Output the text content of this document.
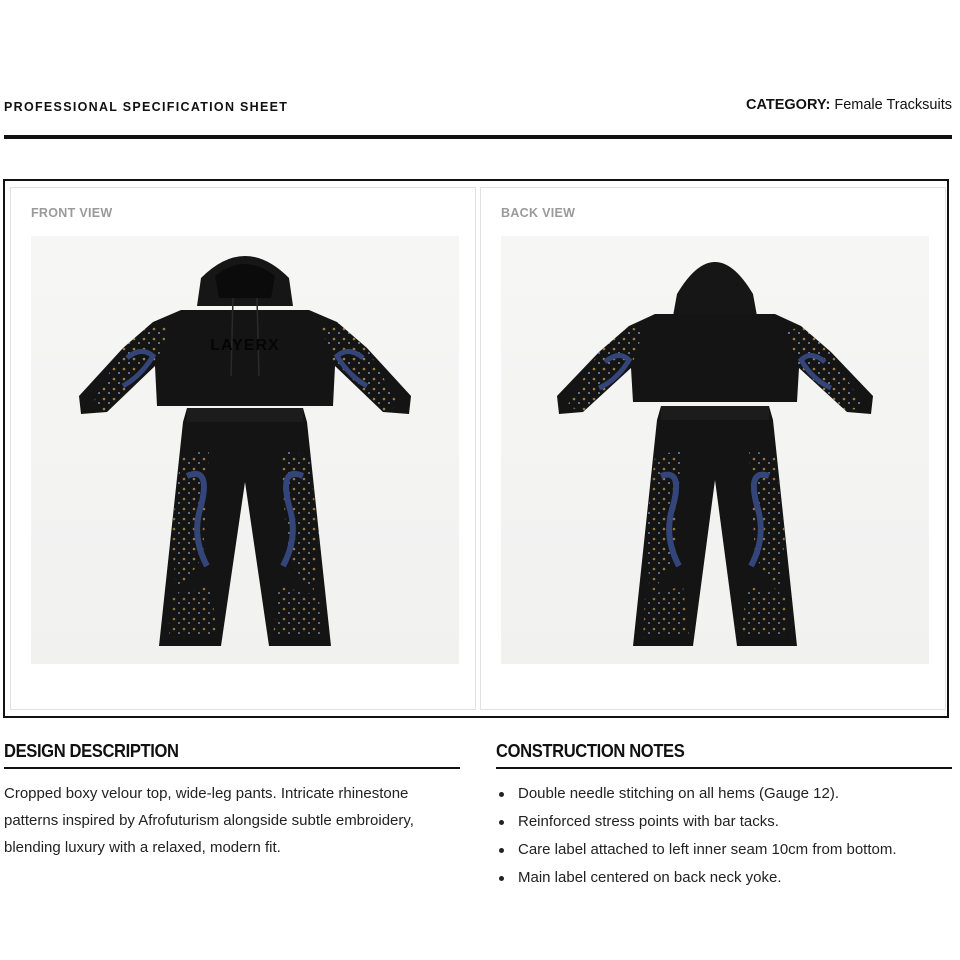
PROFESSIONAL SPECIFICATION SHEET	CATEGORY: Female Tracksuits
FRONT VIEW
LAYERX
BACK VIEW
DESIGN DESCRIPTION
Cropped boxy velour top, wide-leg pants. Intricate rhinestone patterns inspired by Afrofuturism alongside subtle embroidery, blending luxury with a relaxed, modern fit.
CONSTRUCTION NOTES
Double needle stitching on all hems (Gauge 12).
Reinforced stress points with bar tacks.
Care label attached to left inner seam 10cm from bottom.
Main label centered on back neck yoke.
